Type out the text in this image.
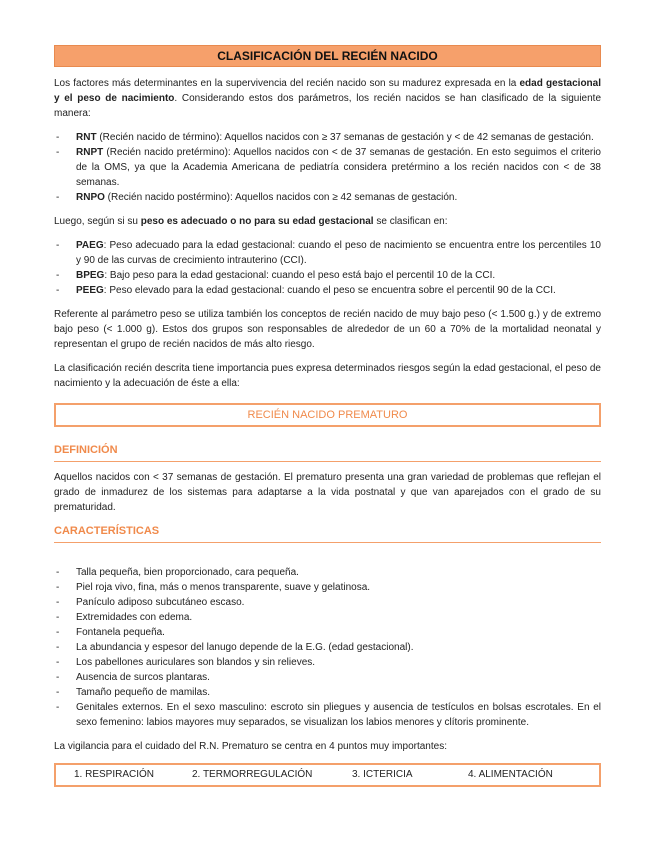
CLASIFICACIÓN DEL RECIÉN NACIDO

Los factores más determinantes en la supervivencia del recién nacido son su madurez expresada en la edad gestacional y el peso de nacimiento. Considerando estos dos parámetros, los recién nacidos se han clasificado de la siguiente manera:

- RNT (Recién nacido de término): Aquellos nacidos con ≥ 37 semanas de gestación y < de 42 semanas de gestación.
- RNPT (Recién nacido pretérmino): Aquellos nacidos con < de 37 semanas de gestación. En esto seguimos el criterio de la OMS, ya que la Academia Americana de pediatría considera pretérmino a los recién nacidos con < de 38 semanas.
- RNPO (Recién nacido postérmino): Aquellos nacidos con ≥ 42 semanas de gestación.

Luego, según si su peso es adecuado o no para su edad gestacional se clasifican en:

- PAEG: Peso adecuado para la edad gestacional: cuando el peso de nacimiento se encuentra entre los percentiles 10 y 90 de las curvas de crecimiento intrauterino (CCI).
- BPEG: Bajo peso para la edad gestacional: cuando el peso está bajo el percentil 10 de la CCI.
- PEEG: Peso elevado para la edad gestacional: cuando el peso se encuentra sobre el percentil 90 de la CCI.

Referente al parámetro peso se utiliza también los conceptos de recién nacido de muy bajo peso (< 1.500 g.) y de extremo bajo peso (< 1.000 g). Estos dos grupos son responsables de alrededor de un 60 a 70% de la mortalidad neonatal y representan el grupo de recién nacidos de más alto riesgo.

La clasificación recién descrita tiene importancia pues expresa determinados riesgos según la edad gestacional, el peso de nacimiento y la adecuación de éste a ella:

RECIÉN NACIDO PREMATURO
DEFINICIÓN

Aquellos nacidos con < 37 semanas de gestación. El prematuro presenta una gran variedad de problemas que reflejan el grado de inmadurez de los sistemas para adaptarse a la vida postnatal y que van aparejados con el grado de su prematuridad.

CARACTERÍSTICAS
- Talla pequeña, bien proporcionado, cara pequeña.
- Piel roja vivo, fina, más o menos transparente, suave y gelatinosa.
- Panículo adiposo subcutáneo escaso.
- Extremidades con edema.
- Fontanela pequeña.
- La abundancia y espesor del lanugo depende de la E.G. (edad gestacional).
- Los pabellones auriculares son blandos y sin relieves.
- Ausencia de surcos plantaras.
- Tamaño pequeño de mamilas.
- Genitales externos. En el sexo masculino: escroto sin pliegues y ausencia de testículos en bolsas escrotales. En el sexo femenino: labios mayores muy separados, se visualizan los labios menores y clítoris prominente.

La vigilancia para el cuidado del R.N. Prematuro se centra en 4 puntos muy importantes:

1. RESPIRACIÓN	2. TERMORREGULACIÓN	3. ICTERICIA	4. ALIMENTACIÓN
